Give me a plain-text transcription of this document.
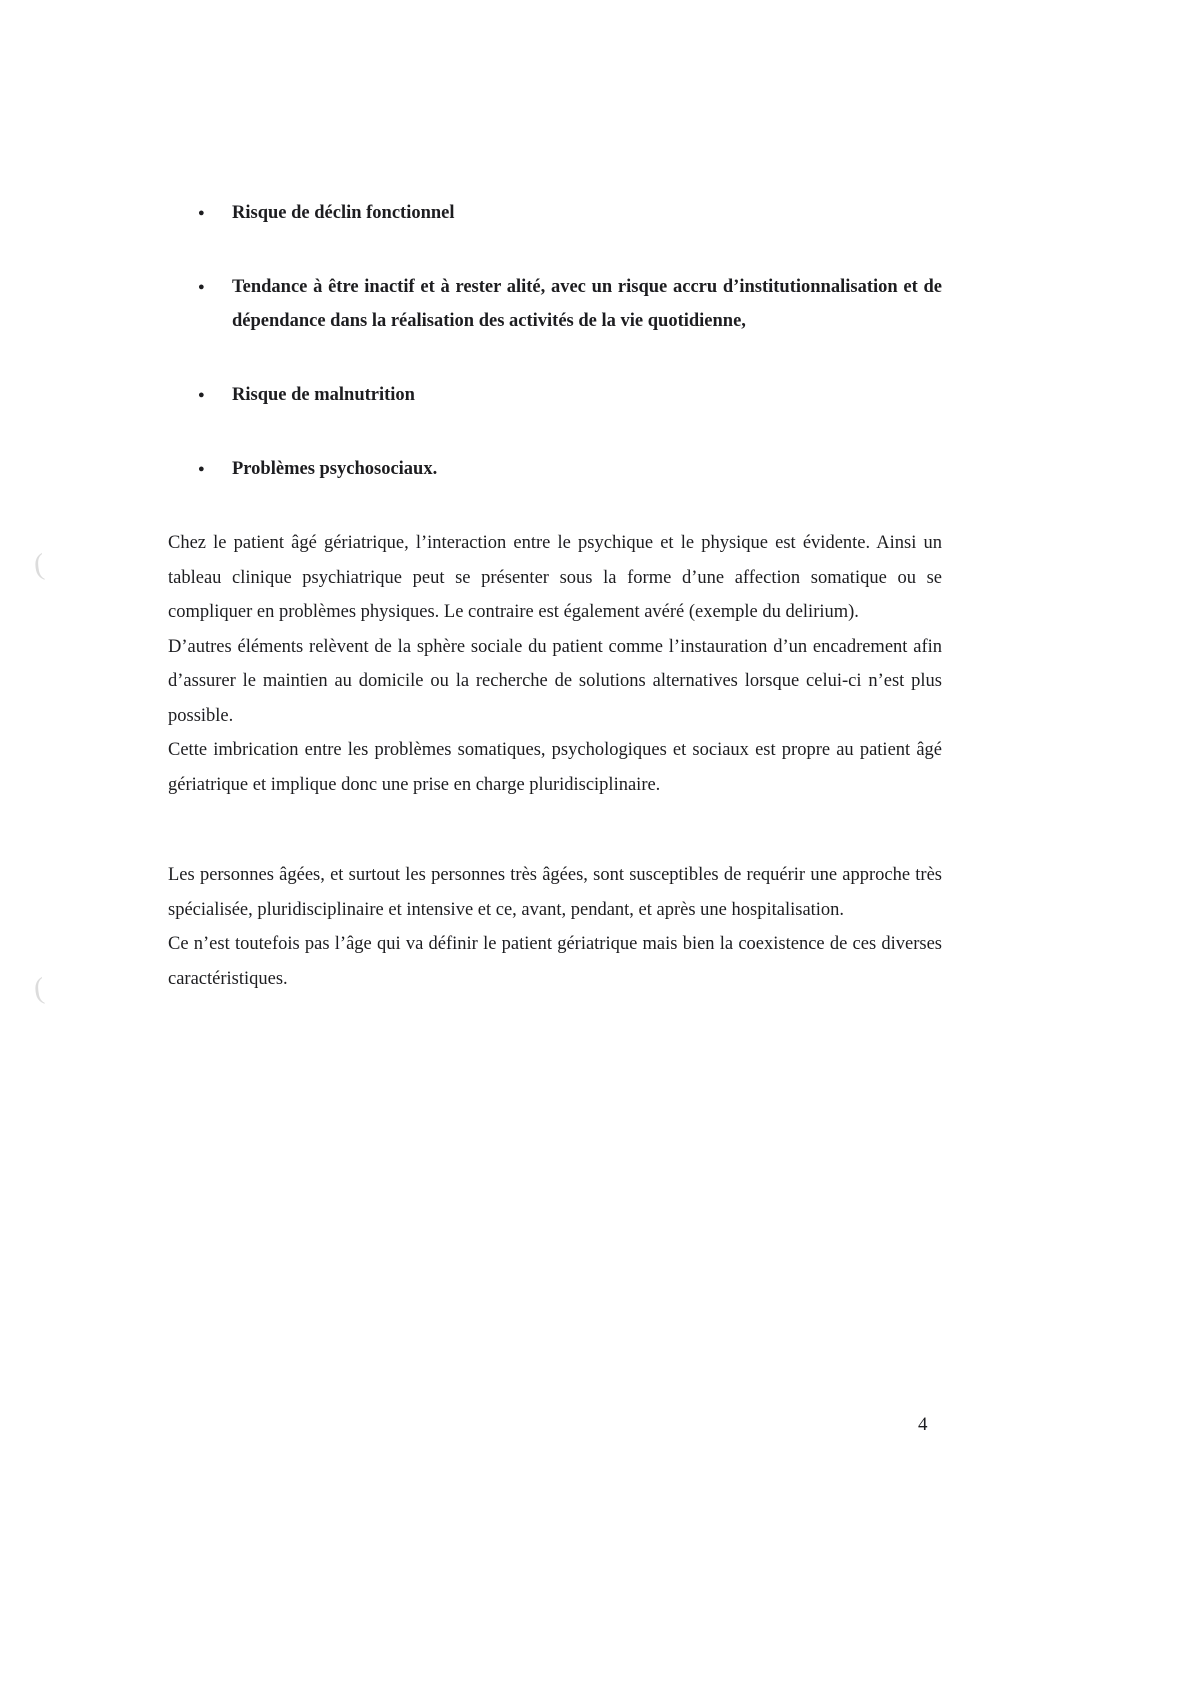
(
(
● Risque de déclin fonctionnel
● Tendance à être inactif et à rester alité, avec un risque accru d’institutionnalisation et de dépendance dans la réalisation des activités de la vie quotidienne,
● Risque de malnutrition
● Problèmes psychosociaux.

Chez le patient âgé gériatrique, l’interaction entre le psychique et le physique est évidente. Ainsi un tableau clinique psychiatrique peut se présenter sous la forme d’une affection somatique ou se compliquer en problèmes physiques. Le contraire est également avéré (exemple du delirium).

D’autres éléments relèvent de la sphère sociale du patient comme l’instauration d’un encadrement afin d’assurer le maintien au domicile ou la recherche de solutions alternatives lorsque celui-ci n’est plus possible.

Cette imbrication entre les problèmes somatiques, psychologiques et sociaux est propre au patient âgé gériatrique et implique donc une prise en charge pluridisciplinaire.

Les personnes âgées, et surtout les personnes très âgées, sont susceptibles de requérir une approche très spécialisée, pluridisciplinaire et intensive et ce, avant, pendant, et après une hospitalisation.

Ce n’est toutefois pas l’âge qui va définir le patient gériatrique mais bien la coexistence de ces diverses caractéristiques.

4
